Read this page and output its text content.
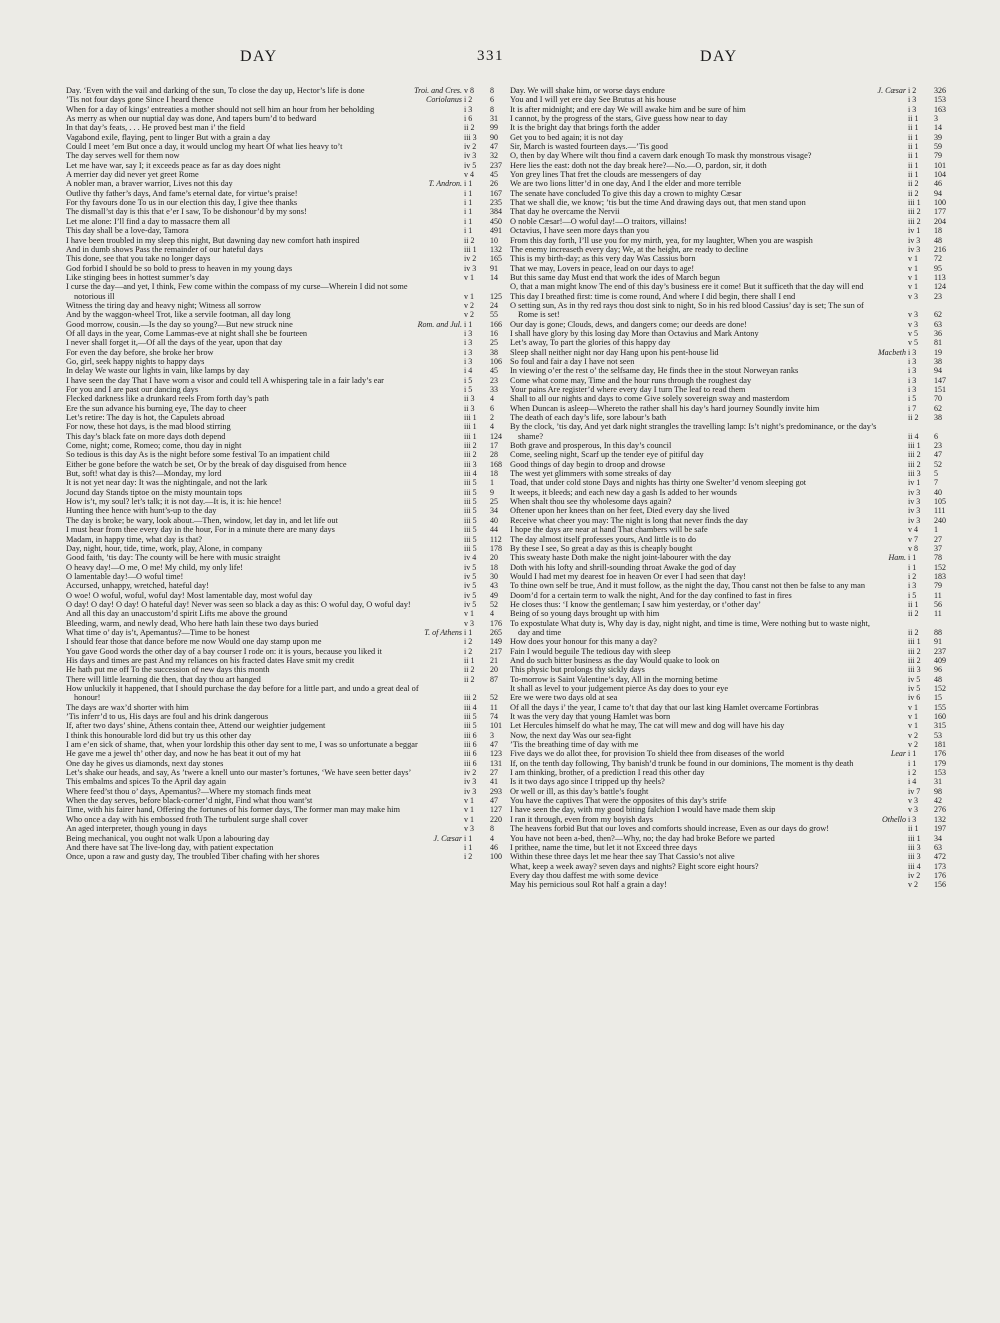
DAY	331	DAY
Day. ‘Even with the vail and darking of the sun, To close the day up, Hector’s life is done	Troi. and Cres. v 8 8
’Tis not four days gone Since I heard thence	Coriolanus i 2 6
When for a day of kings’ entreaties a mother should not sell him an hour from her beholding	i 3 8
As merry as when our nuptial day was done, And tapers burn’d to bedward	i 6 31
In that day’s feats, . . . He proved best man i’ the field	ii 2 99
Vagabond exile, flaying, pent to linger But with a grain a day	iii 3 90
Could I meet ’em But once a day, it would unclog my heart Of what lies heavy to’t	iv 2 47
The day serves well for them now	iv 3 32
Let me have war, say I; it exceeds peace as far as day does night	iv 5 237
A merrier day did never yet greet Rome	v 4 45
A nobler man, a braver warrior, Lives not this day	T. Andron. i 1 26
Outlive thy father’s days, And fame’s eternal date, for virtue’s praise!	i 1 167
For thy favours done To us in our election this day, I give thee thanks	i 1 235
The dismall’st day is this that e’er I saw, To be dishonour’d by my sons!	i 1 384
Let me alone: I’ll find a day to massacre them all	i 1 450
This day shall be a love-day, Tamora	i 1 491
I have been troubled in my sleep this night, But dawning day new comfort hath inspired	ii 2 10
And in dumb shows Pass the remainder of our hateful days	iii 1 132
This done, see that you take no longer days	iv 2 165
God forbid I should be so bold to press to heaven in my young days	iv 3 91
Like stinging bees in hottest summer’s day	v 1 14
I curse the day—and yet, I think, Few come within the compass of my curse—Wherein I did not some notorious ill	v 1 125
Witness the tiring day and heavy night; Witness all sorrow	v 2 24
And by the waggon-wheel Trot, like a servile footman, all day long	v 2 55
Good morrow, cousin.—Is the day so young?—But new struck nine	Rom. and Jul. i 1 166
Of all days in the year, Come Lammas-eve at night shall she be fourteen	i 3 16
I never shall forget it,—Of all the days of the year, upon that day	i 3 25
For even the day before, she broke her brow	i 3 38
Go, girl, seek happy nights to happy days	i 3 106
In delay We waste our lights in vain, like lamps by day	i 4 45
I have seen the day That I have worn a visor and could tell A whispering tale in a fair lady’s ear	i 5 23
For you and I are past our dancing days	i 5 33
Flecked darkness like a drunkard reels From forth day’s path	ii 3 4
Ere the sun advance his burning eye, The day to cheer	ii 3 6
Let’s retire: The day is hot, the Capulets abroad	iii 1 2
For now, these hot days, is the mad blood stirring	iii 1 4
This day’s black fate on more days doth depend	iii 1 124
Come, night; come, Romeo; come, thou day in night	iii 2 17
So tedious is this day As is the night before some festival To an impatient child	iii 2 28
Either be gone before the watch be set, Or by the break of day disguised from hence	iii 3 168
But, soft! what day is this?—Monday, my lord	iii 4 18
It is not yet near day: It was the nightingale, and not the lark	iii 5 1
Jocund day Stands tiptoe on the misty mountain tops	iii 5 9
How is’t, my soul? let’s talk; it is not day.—It is, it is: hie hence!	iii 5 25
Hunting thee hence with hunt’s-up to the day	iii 5 34
The day is broke; be wary, look about.—Then, window, let day in, and let life out	iii 5 40
I must hear from thee every day in the hour, For in a minute there are many days	iii 5 44
Madam, in happy time, what day is that?	iii 5 112
Day, night, hour, tide, time, work, play, Alone, in company	iii 5 178
Good faith, ’tis day: The county will be here with music straight	iv 4 20
O heavy day!—O me, O me! My child, my only life!	iv 5 18
O lamentable day!—O woful time!	iv 5 30
Accursed, unhappy, wretched, hateful day!	iv 5 43
O woe! O woful, woful, woful day! Most lamentable day, most woful day	iv 5 49
O day! O day! O day! O hateful day! Never was seen so black a day as this: O woful day, O woful day!	iv 5 52
And all this day an unaccustom’d spirit Lifts me above the ground	v 1 4
Bleeding, warm, and newly dead, Who here hath lain these two days buried	v 3 176
What time o’ day is’t, Apemantus?—Time to be honest	T. of Athens i 1 265
I should fear those that dance before me now Would one day stamp upon me	i 2 149
You gave Good words the other day of a bay courser I rode on: it is yours, because you liked it	i 2 217
His days and times are past And my reliances on his fracted dates Have smit my credit	ii 1 21
He hath put me off To the succession of new days this month	ii 2 20
There will little learning die then, that day thou art hanged	ii 2 87
How unluckily it happened, that I should purchase the day before for a little part, and undo a great deal of honour!	iii 2 52
The days are wax’d shorter with him	iii 4 11
’Tis inferr’d to us, His days are foul and his drink dangerous	iii 5 74
If, after two days’ shine, Athens contain thee, Attend our weightier judgement	iii 5 101
I think this honourable lord did but try us this other day	iii 6 3
I am e’en sick of shame, that, when your lordship this other day sent to me, I was so unfortunate a beggar	iii 6 47
He gave me a jewel th’ other day, and now he has beat it out of my hat	iii 6 123
One day he gives us diamonds, next day stones	iii 6 131
Let’s shake our heads, and say, As ’twere a knell unto our master’s fortunes, ‘We have seen better days’	iv 2 27
This embalms and spices To the April day again	iv 3 41
Where feed’st thou o’ days, Apemantus?—Where my stomach finds meat	iv 3 293
When the day serves, before black-corner’d night, Find what thou want’st	v 1 47
Time, with his fairer hand, Offering the fortunes of his former days, The former man may make him	v 1 127
Who once a day with his embossed froth The turbulent surge shall cover	v 1 220
An aged interpreter, though young in days	v 3 8
Being mechanical, you ought not walk Upon a labouring day	J. Cæsar i 1 4
And there have sat The live-long day, with patient expectation	i 1 46
Once, upon a raw and gusty day, The troubled Tiber chafing with her shores	i 2 100
Day. We will shake him, or worse days endure	J. Cæsar i 2 326
You and I will yet ere day See Brutus at his house	i 3 153
It is after midnight; and ere day We will awake him and be sure of him	i 3 163
I cannot, by the progress of the stars, Give guess how near to day	ii 1 3
It is the bright day that brings forth the adder	ii 1 14
Get you to bed again; it is not day	ii 1 39
Sir, March is wasted fourteen days.—’Tis good	ii 1 59
O, then by day Where wilt thou find a cavern dark enough To mask thy monstrous visage?	ii 1 79
Here lies the east: doth not the day break here?—No.—O, pardon, sir, it doth	ii 1 101
Yon grey lines That fret the clouds are messengers of day	ii 1 104
We are two lions litter’d in one day, And I the elder and more terrible	ii 2 46
The senate have concluded To give this day a crown to mighty Cæsar	ii 2 94
That we shall die, we know; ’tis but the time And drawing days out, that men stand upon	iii 1 100
That day he overcame the Nervii	iii 2 177
O noble Cæsar!—O woful day!—O traitors, villains!	iii 2 204
Octavius, I have seen more days than you	iv 1 18
From this day forth, I’ll use you for my mirth, yea, for my laughter, When you are waspish	iv 3 48
The enemy increaseth every day; We, at the height, are ready to decline	iv 3 216
This is my birth-day; as this very day Was Cassius born	v 1 72
That we may, Lovers in peace, lead on our days to age!	v 1 95
But this same day Must end that work the ides of March begun	v 1 113
O, that a man might know The end of this day’s business ere it come! But it sufficeth that the day will end	v 1 124
This day I breathed first: time is come round, And where I did begin, there shall I end	v 3 23
O setting sun, As in thy red rays thou dost sink to night, So in his red blood Cassius’ day is set; The sun of Rome is set!	v 3 62
Our day is gone; Clouds, dews, and dangers come; our deeds are done!	v 3 63
I shall have glory by this losing day More than Octavius and Mark Antony	v 5 36
Let’s away, To part the glories of this happy day	v 5 81
Sleep shall neither night nor day Hang upon his pent-house lid	Macbeth i 3 19
So foul and fair a day I have not seen	i 3 38
In viewing o’er the rest o’ the selfsame day, He finds thee in the stout Norweyan ranks	i 3 94
Come what come may, Time and the hour runs through the roughest day	i 3 147
Your pains Are register’d where every day I turn The leaf to read them	i 3 151
Shall to all our nights and days to come Give solely sovereign sway and masterdom	i 5 70
When Duncan is asleep—Whereto the rather shall his day’s hard journey Soundly invite him	i 7 62
The death of each day’s life, sore labour’s bath	ii 2 38
By the clock, ’tis day, And yet dark night strangles the travelling lamp: Is’t night’s predominance, or the day’s shame?	ii 4 6
Both grave and prosperous, In this day’s council	iii 1 23
Come, seeling night, Scarf up the tender eye of pitiful day	iii 2 47
Good things of day begin to droop and drowse	iii 2 52
The west yet glimmers with some streaks of day	iii 3 5
Toad, that under cold stone Days and nights has thirty one Swelter’d venom sleeping got	iv 1 7
It weeps, it bleeds; and each new day a gash Is added to her wounds	iv 3 40
When shalt thou see thy wholesome days again?	iv 3 105
Oftener upon her knees than on her feet, Died every day she lived	iv 3 111
Receive what cheer you may: The night is long that never finds the day	iv 3 240
I hope the days are near at hand That chambers will be safe	v 4 1
The day almost itself professes yours, And little is to do	v 7 27
By these I see, So great a day as this is cheaply bought	v 8 37
This sweaty haste Doth make the night joint-labourer with the day	Ham. i 1 78
Doth with his lofty and shrill-sounding throat Awake the god of day	i 1 152
Would I had met my dearest foe in heaven Or ever I had seen that day!	i 2 183
To thine own self be true, And it must follow, as the night the day, Thou canst not then be false to any man	i 3 79
Doom’d for a certain term to walk the night, And for the day confined to fast in fires	i 5 11
He closes thus: ‘I know the gentleman; I saw him yesterday, or t’other day’	ii 1 56
Being of so young days brought up with him	ii 2 11
To expostulate What duty is, Why day is day, night night, and time is time, Were nothing but to waste night, day and time	ii 2 88
How does your honour for this many a day?	iii 1 91
Fain I would beguile The tedious day with sleep	iii 2 237
And do such bitter business as the day Would quake to look on	iii 2 409
This physic but prolongs thy sickly days	iii 3 96
To-morrow is Saint Valentine’s day, All in the morning betime	iv 5 48
It shall as level to your judgement pierce As day does to your eye	iv 5 152
Ere we were two days old at sea	iv 6 15
Of all the days i’ the year, I came to’t that day that our last king Hamlet overcame Fortinbras	v 1 155
It was the very day that young Hamlet was born	v 1 160
Let Hercules himself do what he may, The cat will mew and dog will have his day	v 1 315
Now, the next day Was our sea-fight	v 2 53
’Tis the breathing time of day with me	v 2 181
Five days we do allot thee, for provision To shield thee from diseases of the world	Lear i 1 176
If, on the tenth day following, Thy banish’d trunk be found in our dominions, The moment is thy death	i 1 179
I am thinking, brother, of a prediction I read this other day	i 2 153
Is it two days ago since I tripped up thy heels?	i 4 31
Or well or ill, as this day’s battle’s fought	iv 7 98
You have the captives That were the opposites of this day’s strife	v 3 42
I have seen the day, with my good biting falchion I would have made them skip	v 3 276
I ran it through, even from my boyish days	Othello i 3 132
The heavens forbid But that our loves and comforts should increase, Even as our days do grow!	ii 1 197
You have not been a-bed, then?—Why, no; the day had broke Before we parted	iii 1 34
I prithee, name the time, but let it not Exceed three days	iii 3 63
Within these three days let me hear thee say That Cassio’s not alive	iii 3 472
What, keep a week away? seven days and nights? Eight score eight hours?	iii 4 173
Every day thou daffest me with some device	iv 2 176
May his pernicious soul Rot half a grain a day!	v 2 156
